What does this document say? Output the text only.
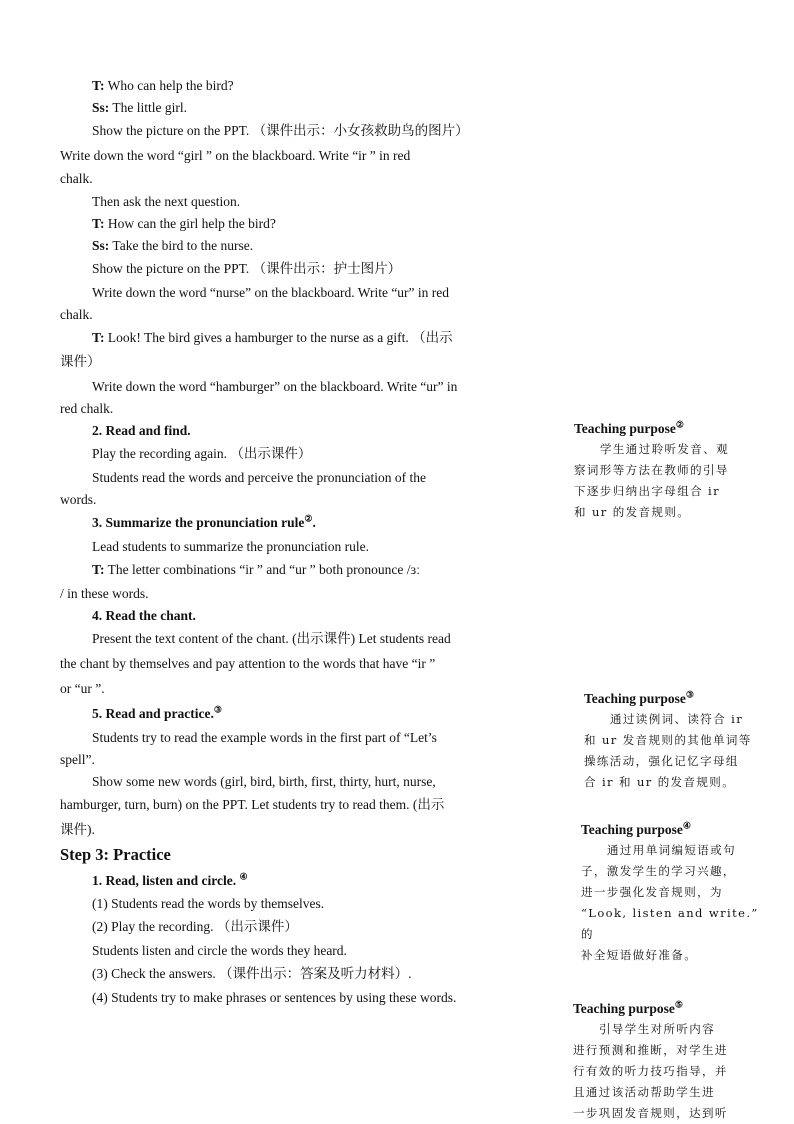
T: Who can help the bird?
Ss: The little girl.
Show the picture on the PPT. （课件出示：小女孩救助鸟的图片）
Write down the word “girl ” on the blackboard. Write “ir ” in red
chalk.
Then ask the next question.
T: How can the girl help the bird?
Ss: Take the bird to the nurse.
Show the picture on the PPT. （课件出示：护士图片）
Write down the word “nurse” on the blackboard. Write “ur” in red
chalk.
T: Look! The bird gives a hamburger to the nurse as a gift. （出示
课件）
Write down the word “hamburger” on the blackboard. Write “ur” in
red chalk.
2. Read and find.
Play the recording again. （出示课件）
Students read the words and perceive the pronunciation of the
words.
3. Summarize the pronunciation rule②.
Lead students to summarize the pronunciation rule.
T: The letter combinations “ir ” and “ur ” both pronounce /ɜː
/ in these words.
4. Read the chant.
Present the text content of the chant. (出示课件) Let students read
the chant by themselves and pay attention to the words that have “ir ”
or “ur ”.
5. Read and practice.③
Students try to read the example words in the first part of “Let’s
spell”.
Show some new words (girl, bird, birth, first, thirty, hurt, nurse,
hamburger, turn, burn) on the PPT. Let students try to read them. (出示
课件).
Step 3: Practice
1. Read, listen and circle. ④
(1) Students read the words by themselves.
(2) Play the recording. （出示课件）
Students listen and circle the words they heard.
(3) Check the answers. （课件出示：答案及听力材料）.
(4) Students try to make phrases or sentences by using these words.
Teaching purpose②
学生通过聆听发音、观
察词形等方法在教师的引导
下逐步归纳出字母组合 ir
和 ur 的发音规则。
Teaching purpose③
通过读例词、读符合 ir
和 ur 发音规则的其他单词等
操练活动，强化记忆字母组
合 ir 和 ur 的发音规则。
Teaching purpose④
通过用单词编短语或句
子，激发学生的学习兴趣，
进一步强化发音规则，为
“Look, listen and write.” 的
补全短语做好准备。
Teaching purpose⑤
引导学生对所听内容
进行预测和推断，对学生进
行有效的听力技巧指导，并
且通过该活动帮助学生进
一步巩固发音规则，达到听
